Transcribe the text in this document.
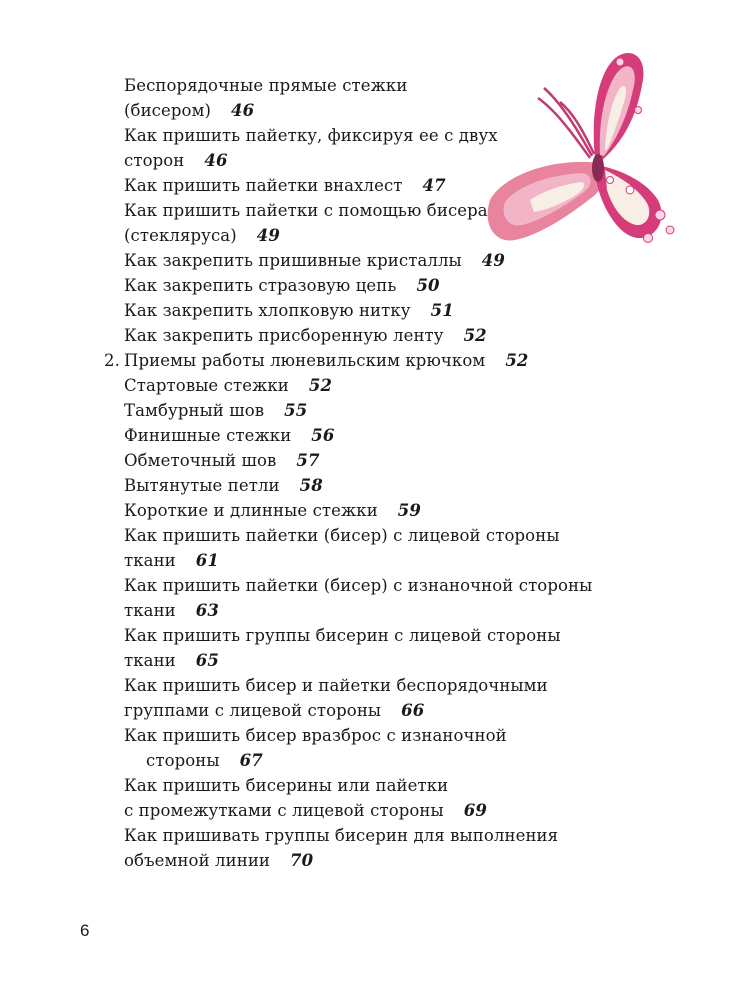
Беспорядочные прямые стежки
(бисером) 46
Как пришить пайетку, фиксируя ее с двух
сторон 46
Как пришить пайетки внахлест 47
Как пришить пайетки с помощью бисера
(стекляруса) 49
Как закрепить пришивные кристаллы 49
Как закрепить стразовую цепь 50
Как закрепить хлопковую нитку 51
Как закрепить присборенную ленту 52
2. Приемы работы люневильским крючком 52
Стартовые стежки 52
Тамбурный шов 55
Финишные стежки 56
Обметочный шов 57
Вытянутые петли 58
Короткие и длинные стежки 59
Как пришить пайетки (бисер) с лицевой стороны
ткани 61
Как пришить пайетки (бисер) с изнаночной стороны
ткани 63
Как пришить группы бисерин с лицевой стороны
ткани 65
Как пришить бисер и пайетки беспорядочными
группами с лицевой стороны 66
Как пришить бисер вразброс с изнаночной
стороны 67
Как пришить бисерины или пайетки
с промежутками с лицевой стороны 69
Как пришивать группы бисерин для выполнения
объемной линии 70
6
